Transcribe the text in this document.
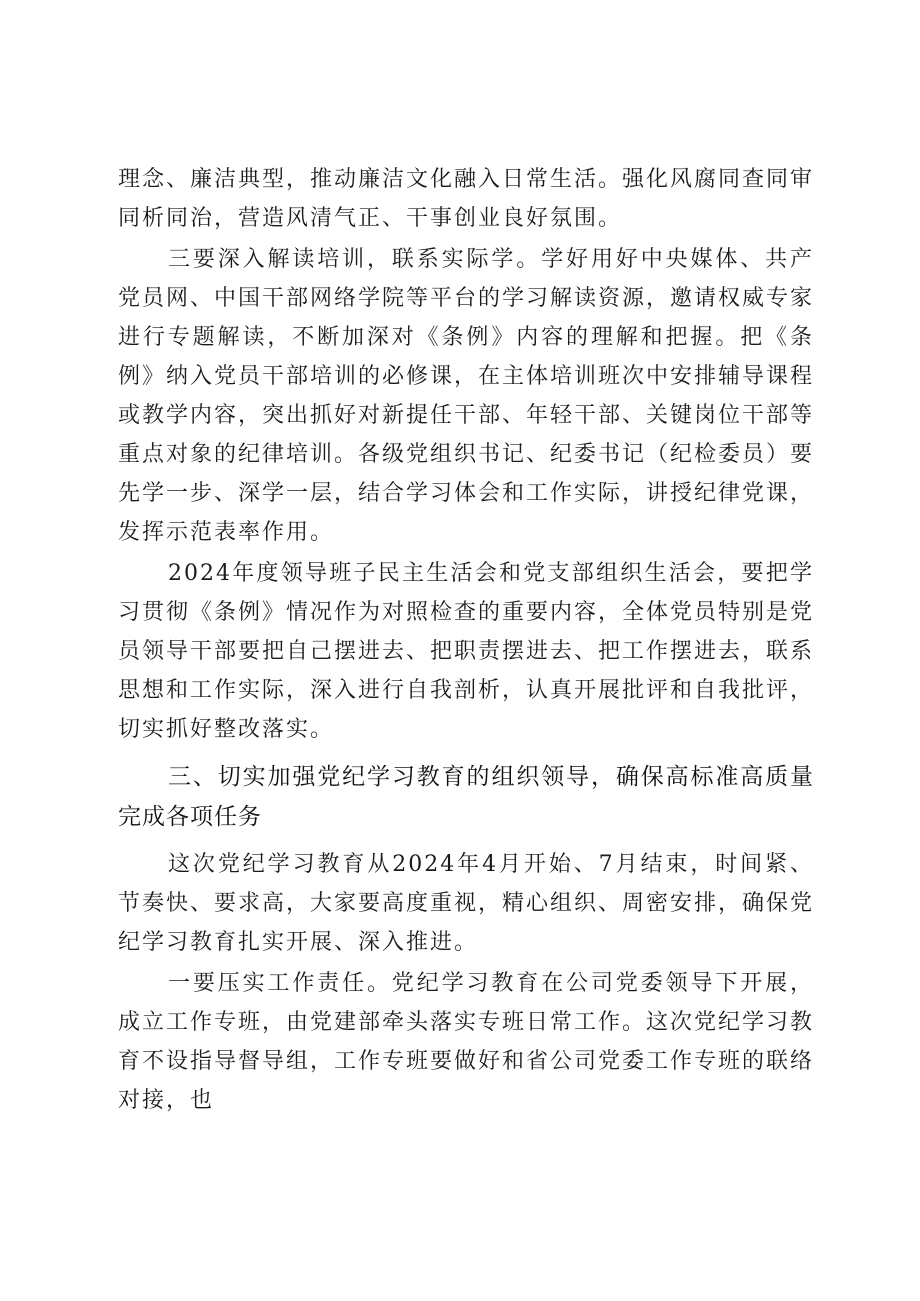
理念、廉洁典型，推动廉洁文化融入日常生活。强化风腐同查同审同析同治，营造风清气正、干事创业良好氛围。

三要深入解读培训，联系实际学。学好用好中央媒体、共产党员网、中国干部网络学院等平台的学习解读资源，邀请权威专家进行专题解读，不断加深对《条例》内容的理解和把握。把《条例》纳入党员干部培训的必修课，在主体培训班次中安排辅导课程或教学内容，突出抓好对新提任干部、年轻干部、关键岗位干部等重点对象的纪律培训。各级党组织书记、纪委书记（纪检委员）要先学一步、深学一层，结合学习体会和工作实际，讲授纪律党课，发挥示范表率作用。

2024年度领导班子民主生活会和党支部组织生活会，要把学习贯彻《条例》情况作为对照检查的重要内容，全体党员特别是党员领导干部要把自己摆进去、把职责摆进去、把工作摆进去，联系思想和工作实际，深入进行自我剖析，认真开展批评和自我批评，切实抓好整改落实。

三、切实加强党纪学习教育的组织领导，确保高标准高质量完成各项任务

这次党纪学习教育从2024年4月开始、7月结束，时间紧、节奏快、要求高，大家要高度重视，精心组织、周密安排，确保党纪学习教育扎实开展、深入推进。

一要压实工作责任。党纪学习教育在公司党委领导下开展，成立工作专班，由党建部牵头落实专班日常工作。这次党纪学习教育不设指导督导组，工作专班要做好和省公司党委工作专班的联络对接，也
